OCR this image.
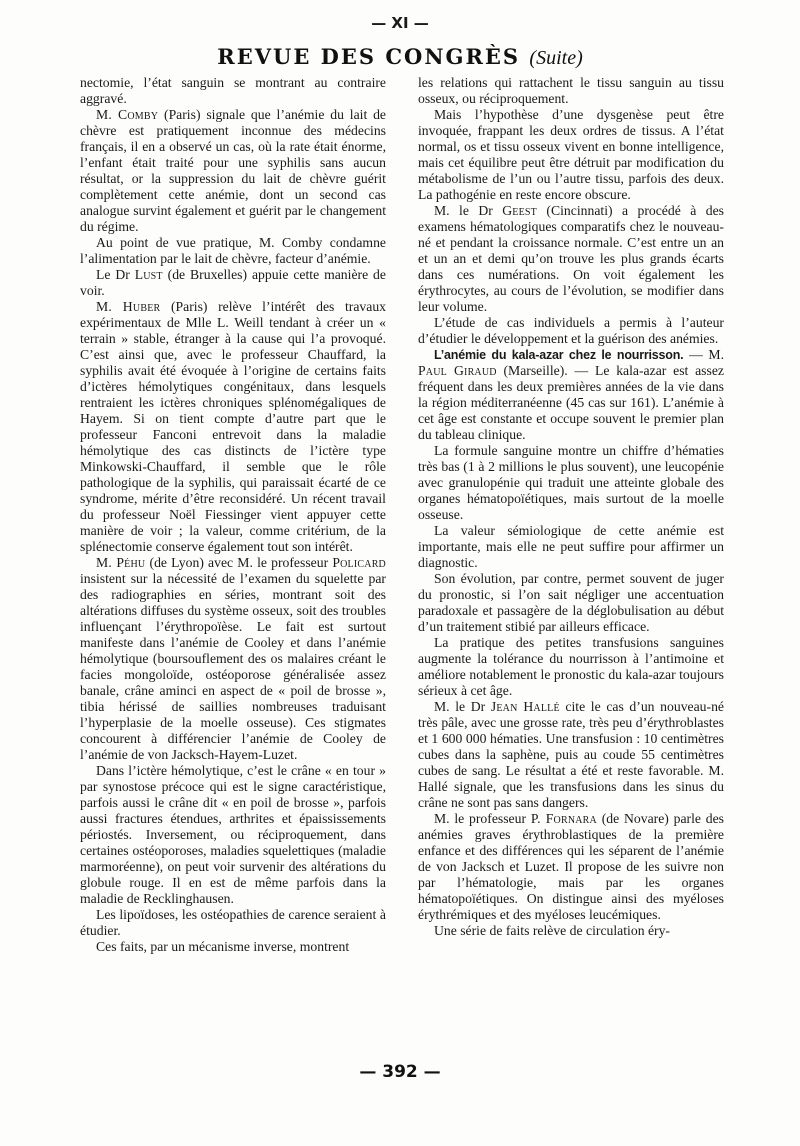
— XI —
REVUE DES CONGRÈS (Suite)

nectomie, l’état sanguin se montrant au contraire aggravé.

M. Comby (Paris) signale que l’anémie du lait de chèvre est pratiquement inconnue des médecins français, il en a observé un cas, où la rate était énorme, l’enfant était traité pour une syphilis sans aucun résultat, or la suppression du lait de chèvre guérit complètement cette anémie, dont un second cas analogue survint également et guérit par le changement du régime.

Au point de vue pratique, M. Comby condamne l’alimentation par le lait de chèvre, facteur d’anémie.

Le Dr Lust (de Bruxelles) appuie cette manière de voir.

M. Huber (Paris) relève l’intérêt des travaux expérimentaux de Mlle L. Weill tendant à créer un « terrain » stable, étranger à la cause qui l’a provoqué. C’est ainsi que, avec le professeur Chauffard, la syphilis avait été évoquée à l’origine de certains faits d’ictères hémolytiques congénitaux, dans lesquels rentraient les ictères chroniques splénomégaliques de Hayem. Si on tient compte d’autre part que le professeur Fanconi entrevoit dans la maladie hémolytique des cas distincts de l’ictère type Minkowski-Chauffard, il semble que le rôle pathologique de la syphilis, qui paraissait écarté de ce syndrome, mérite d’être reconsidéré. Un récent travail du professeur Noël Fiessinger vient appuyer cette manière de voir ; la valeur, comme critérium, de la splénectomie conserve également tout son intérêt.

M. Péhu (de Lyon) avec M. le professeur Policard insistent sur la nécessité de l’examen du squelette par des radiographies en séries, montrant soit des altérations diffuses du système osseux, soit des troubles influençant l’érythropoïèse. Le fait est surtout manifeste dans l’anémie de Cooley et dans l’anémie hémolytique (boursouflement des os malaires créant le facies mongoloïde, ostéoporose généralisée assez banale, crâne aminci en aspect de « poil de brosse », tibia hérissé de saillies nombreuses traduisant l’hyperplasie de la moelle osseuse). Ces stigmates concourent à différencier l’anémie de Cooley de l’anémie de von Jacksch-Hayem-Luzet.

Dans l’ictère hémolytique, c’est le crâne « en tour » par synostose précoce qui est le signe caractéristique, parfois aussi le crâne dit « en poil de brosse », parfois aussi fractures étendues, arthrites et épaississements périostés. Inversement, ou réciproquement, dans certaines ostéoporoses, maladies squelettiques (maladie marmoréenne), on peut voir survenir des altérations du globule rouge. Il en est de même parfois dans la maladie de Recklinghausen.

Les lipoïdoses, les ostéopathies de carence seraient à étudier.

Ces faits, par un mécanisme inverse, montrent

les relations qui rattachent le tissu sanguin au tissu osseux, ou réciproquement.

Mais l’hypothèse d’une dysgenèse peut être invoquée, frappant les deux ordres de tissus. A l’état normal, os et tissu osseux vivent en bonne intelligence, mais cet équilibre peut être détruit par modification du métabolisme de l’un ou l’autre tissu, parfois des deux. La pathogénie en reste encore obscure.

M. le Dr Geest (Cincinnati) a procédé à des examens hématologiques comparatifs chez le nouveau-né et pendant la croissance normale. C’est entre un an et un an et demi qu’on trouve les plus grands écarts dans ces numérations. On voit également les érythrocytes, au cours de l’évolution, se modifier dans leur volume.

L’étude de cas individuels a permis à l’auteur d’étudier le développement et la guérison des anémies.

L’anémie du kala-azar chez le nourrisson. — M. Paul Giraud (Marseille). — Le kala-azar est assez fréquent dans les deux premières années de la vie dans la région méditerranéenne (45 cas sur 161). L’anémie à cet âge est constante et occupe souvent le premier plan du tableau clinique.

La formule sanguine montre un chiffre d’hématies très bas (1 à 2 millions le plus souvent), une leucopénie avec granulopénie qui traduit une atteinte globale des organes hématopoïétiques, mais surtout de la moelle osseuse.

La valeur sémiologique de cette anémie est importante, mais elle ne peut suffire pour affirmer un diagnostic.

Son évolution, par contre, permet souvent de juger du pronostic, si l’on sait négliger une accentuation paradoxale et passagère de la déglobulisation au début d’un traitement stibié par ailleurs efficace.

La pratique des petites transfusions sanguines augmente la tolérance du nourrisson à l’antimoine et améliore notablement le pronostic du kala-azar toujours sérieux à cet âge.

M. le Dr Jean Hallé cite le cas d’un nouveau-né très pâle, avec une grosse rate, très peu d’érythroblastes et 1 600 000 hématies. Une transfusion : 10 centimètres cubes dans la saphène, puis au coude 55 centimètres cubes de sang. Le résultat a été et reste favorable. M. Hallé signale, que les transfusions dans les sinus du crâne ne sont pas sans dangers.

M. le professeur P. Fornara (de Novare) parle des anémies graves érythroblastiques de la première enfance et des différences qui les séparent de l’anémie de von Jacksch et Luzet. Il propose de les suivre non par l’hématologie, mais par les organes hématopoïétiques. On distingue ainsi des myéloses érythrémiques et des myéloses leucémiques.

Une série de faits relève de circulation éry-

— 392 —
